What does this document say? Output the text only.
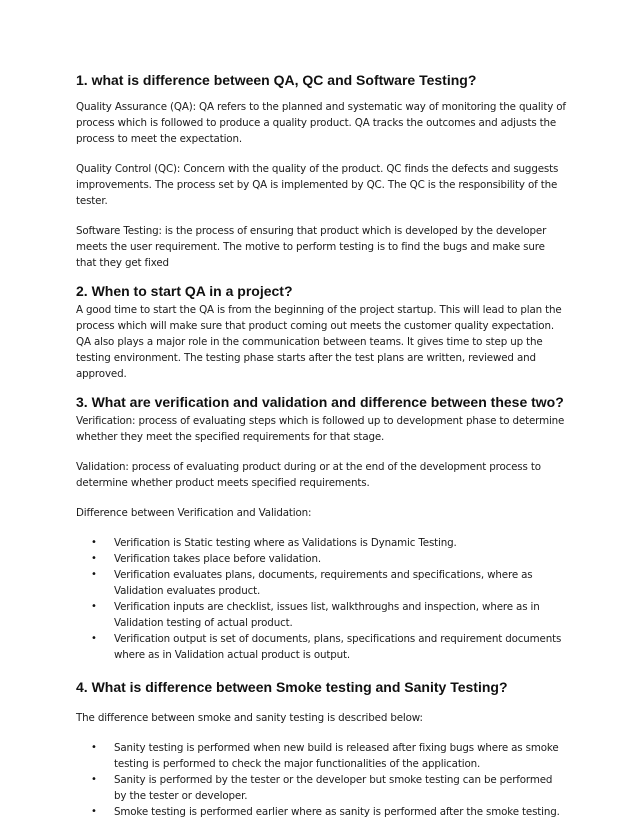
1. what is difference between QA, QC and Software Testing?

Quality Assurance (QA): QA refers to the planned and systematic way of monitoring the quality of process which is followed to produce a quality product. QA tracks the outcomes and adjusts the process to meet the expectation.

Quality Control (QC): Concern with the quality of the product. QC finds the defects and suggests improvements. The process set by QA is implemented by QC. The QC is the responsibility of the tester.

Software Testing: is the process of ensuring that product which is developed by the developer meets the user requirement. The motive to perform testing is to find the bugs and make sure that they get fixed

2. When to start QA in a project?

A good time to start the QA is from the beginning of the project startup. This will lead to plan the process which will make sure that product coming out meets the customer quality expectation. QA also plays a major role in the communication between teams. It gives time to step up the testing environment. The testing phase starts after the test plans are written, reviewed and approved.

3. What are verification and validation and difference between these two?

Verification: process of evaluating steps which is followed up to development phase to determine whether they meet the specified requirements for that stage.

Validation: process of evaluating product during or at the end of the development process to determine whether product meets specified requirements.

Difference between Verification and Validation:

• Verification is Static testing where as Validations is Dynamic Testing.
• Verification takes place before validation.
• Verification evaluates plans, documents, requirements and specifications, where as Validation evaluates product.
• Verification inputs are checklist, issues list, walkthroughs and inspection, where as in Validation testing of actual product.
• Verification output is set of documents, plans, specifications and requirement documents where as in Validation actual product is output.
4. What is difference between Smoke testing and Sanity Testing?

The difference between smoke and sanity testing is described below:

• Sanity testing is performed when new build is released after fixing bugs where as smoke testing is performed to check the major functionalities of the application.
• Sanity is performed by the tester or the developer but smoke testing can be performed by the tester or developer.
• Smoke testing is performed earlier where as sanity is performed after the smoke testing.
